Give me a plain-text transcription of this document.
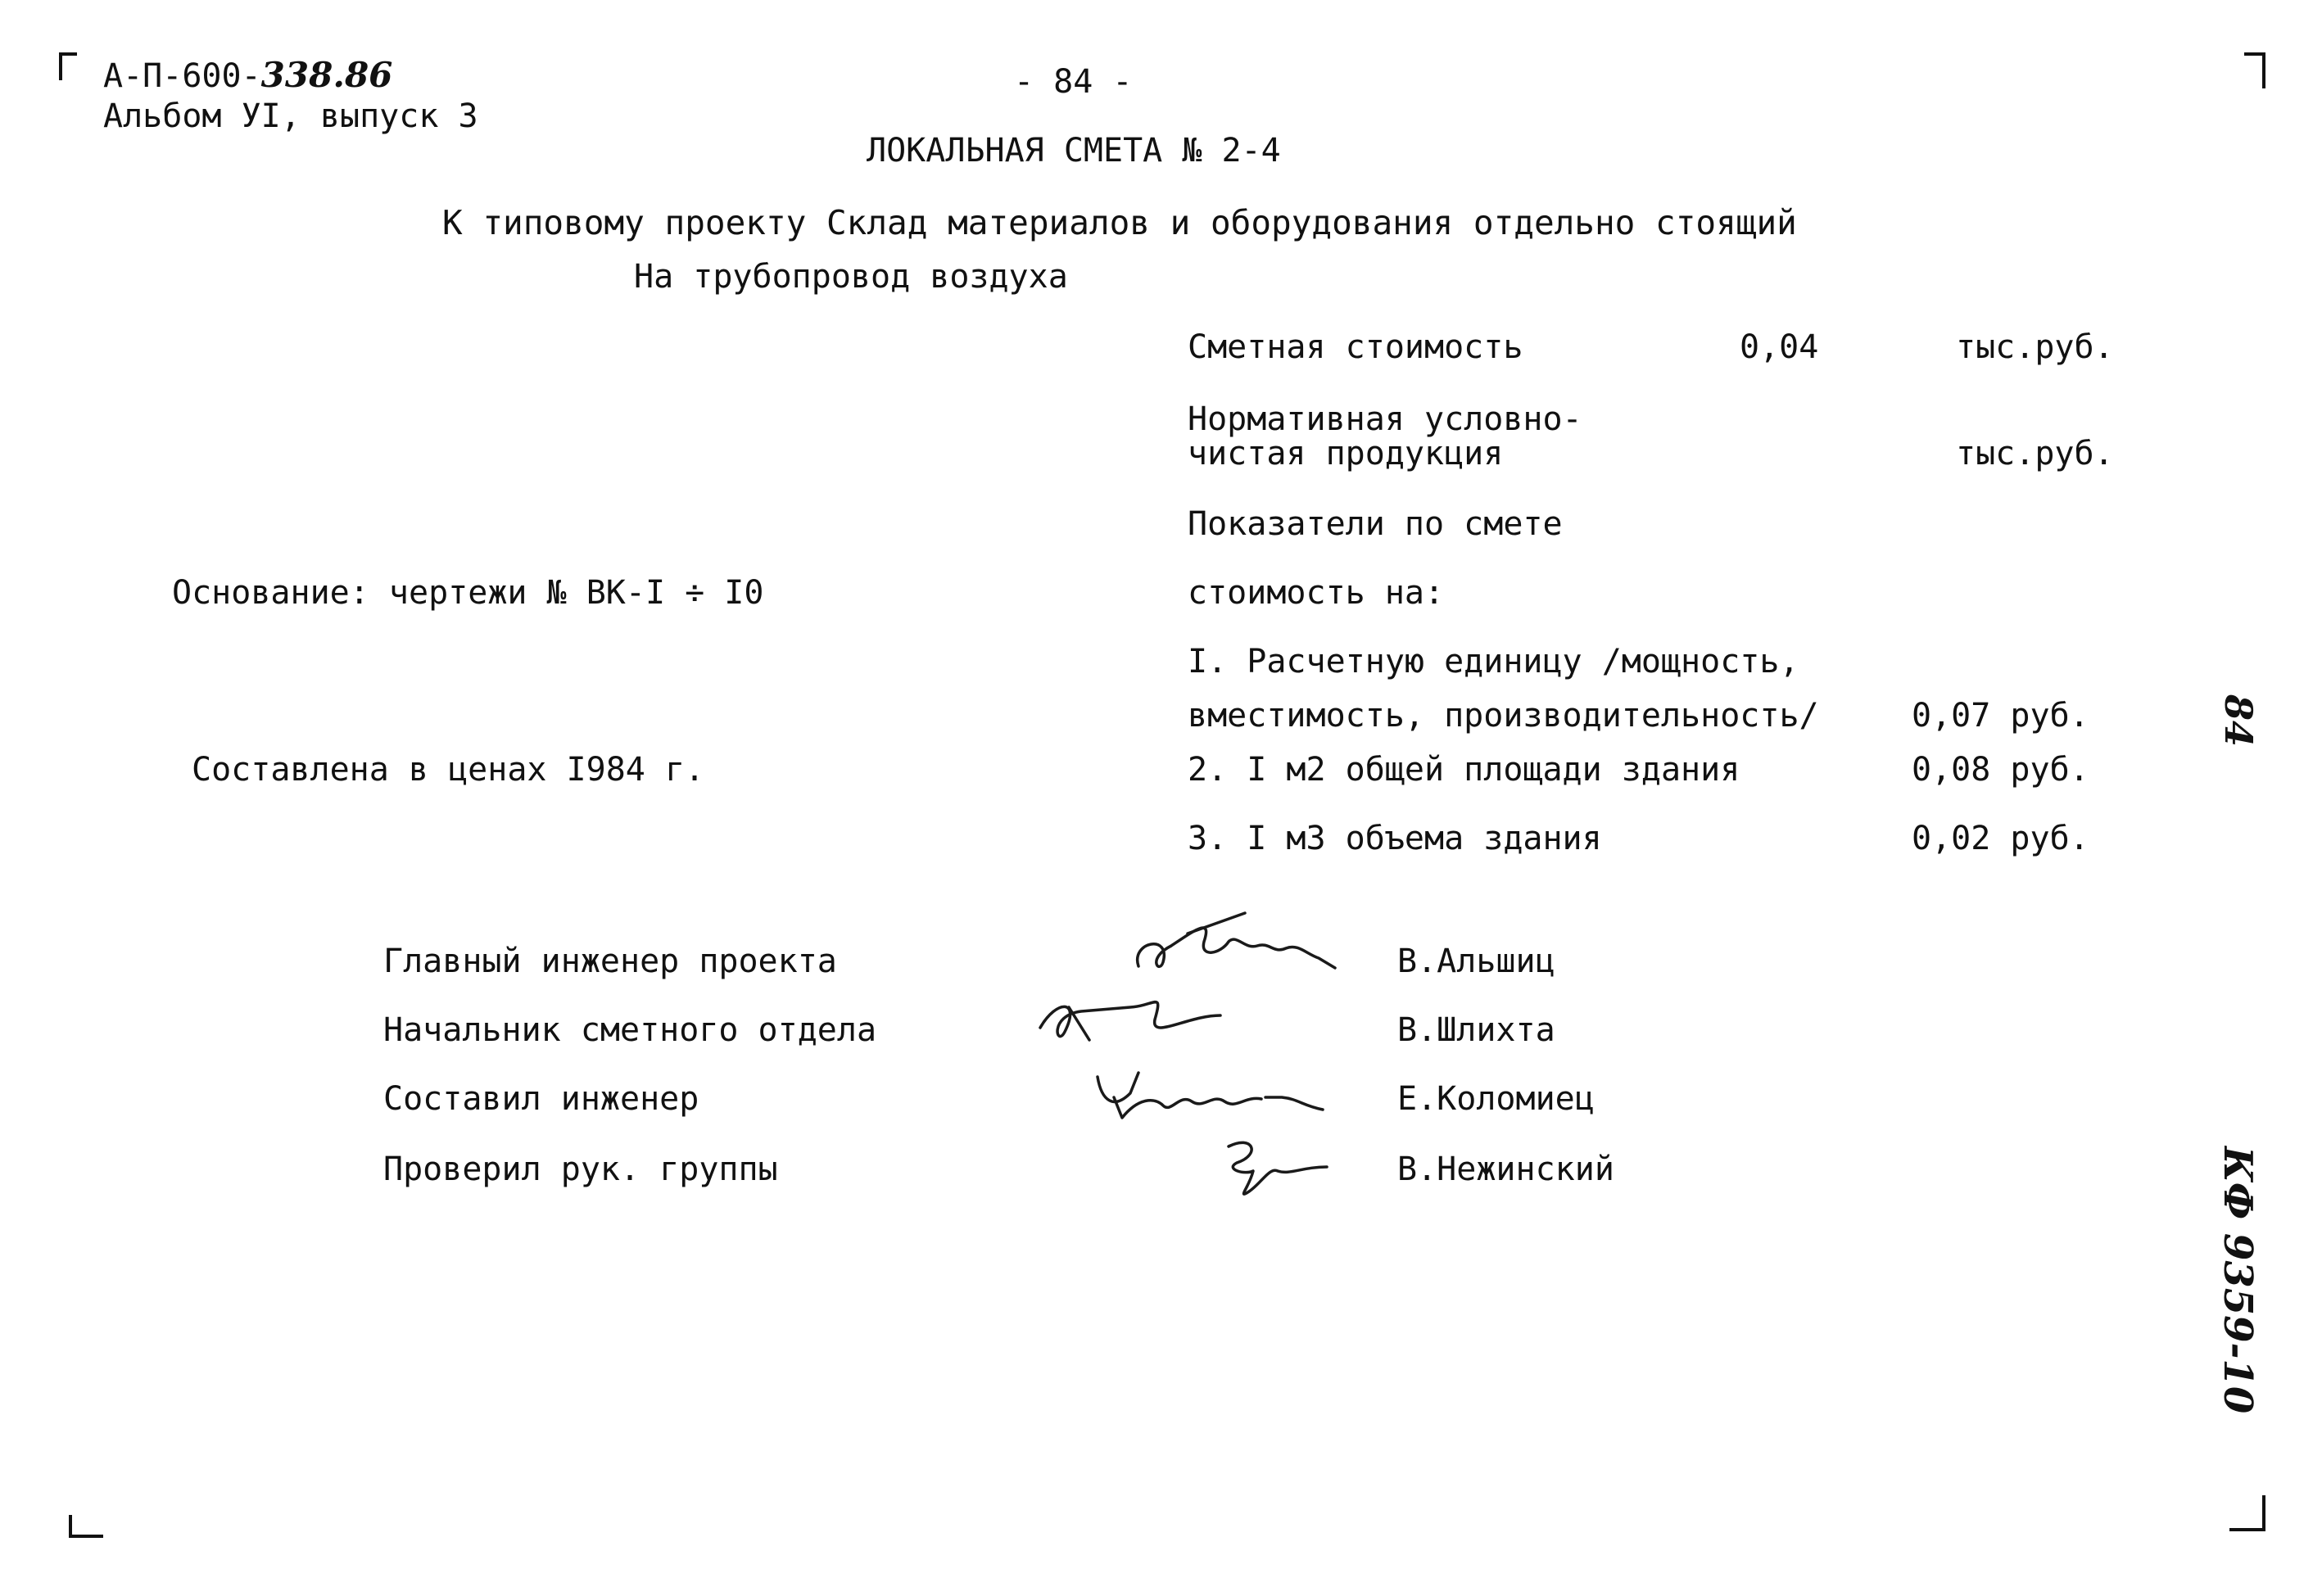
А-П-600-338.86
Альбом УI, выпуск 3
- 84 -
ЛОКАЛЬНАЯ СМЕТА № 2-4
К типовому проекту Склад материалов и оборудования отдельно стоящий
На трубопровод воздуха
Сметная стоимость	0,04	тыс.руб.
Нормативная условно-
чистая продукция	тыс.руб.
Показатели по смете
Основание: чертежи № ВК-I ÷ I0	стоимость на:
I. Расчетную единицу /мощность,
вместимость, производительность/	0,07 руб.
Составлена в ценах I984 г.	2. I м2 общей площади здания	0,08 руб.
3. I м3 объема здания	0,02 руб.
Главный инженер проекта	В.Альшиц
Начальник сметного отдела	В.Шлихта
Составил инженер	Е.Коломиец
Проверил рук. группы	В.Нежинский
84
КФ 9359-10
